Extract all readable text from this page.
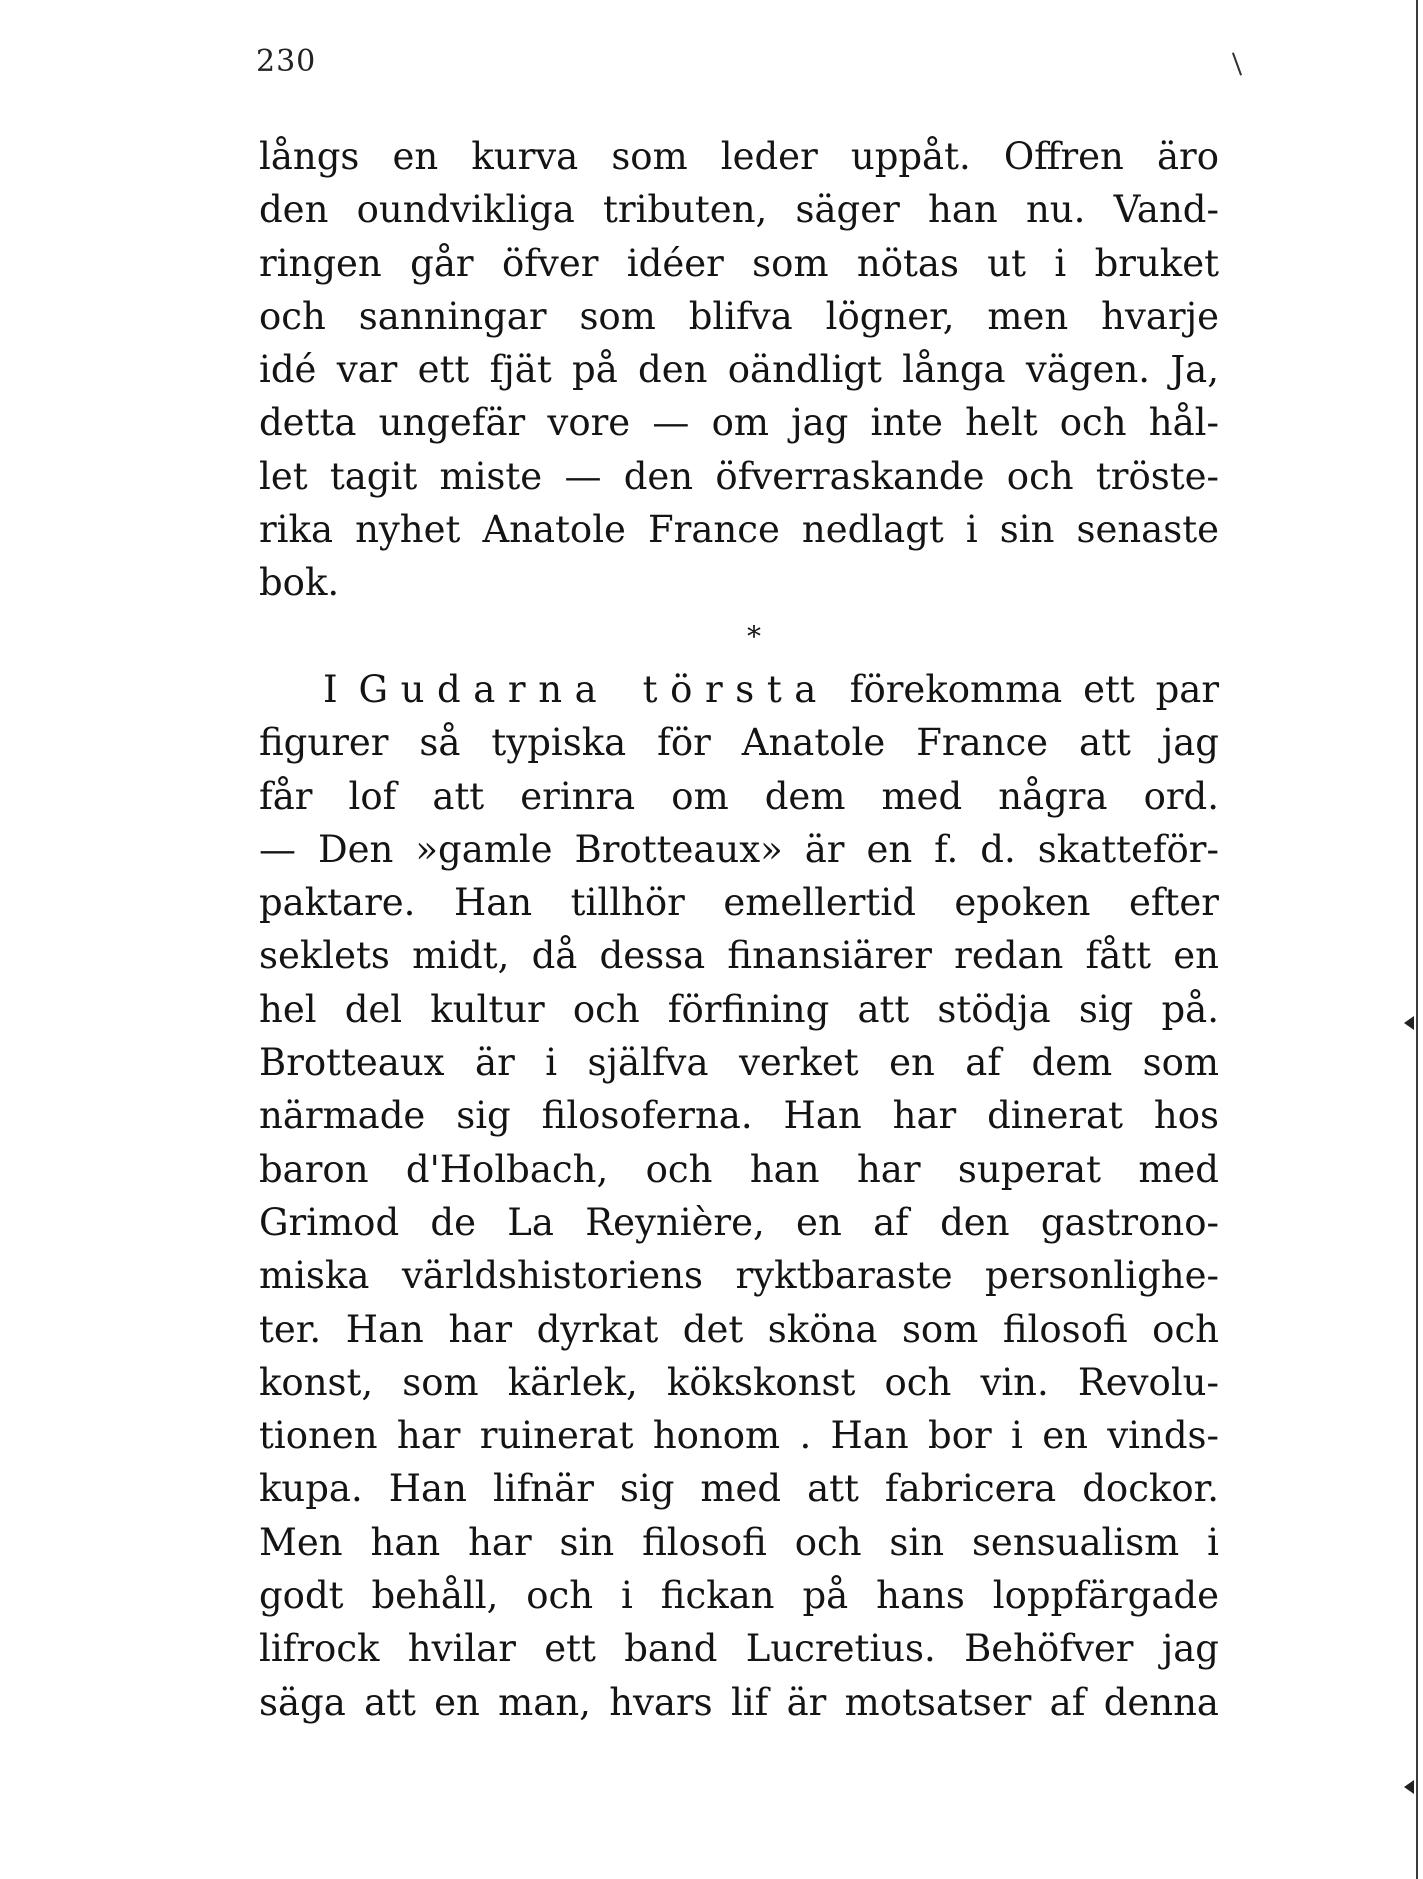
230
långs en kurva som leder uppåt. Offren äro
den oundvikliga tributen, säger han nu. Vand-
ringen går öfver idéer som nötas ut i bruket
och sanningar som blifva lögner, men hvarje
idé var ett fjät på den oändligt långa vägen. Ja,
detta ungefär vore — om jag inte helt och hål-
let tagit miste — den öfverraskande och tröste-
rika nyhet Anatole France nedlagt i sin senaste
bok.
*
I Gudarna törsta förekomma ett par
figurer så typiska för Anatole France att jag
får lof att erinra om dem med några ord.
— Den »gamle Brotteaux» är en f. d. skatteför-
paktare. Han tillhör emellertid epoken efter
seklets midt, då dessa finansiärer redan fått en
hel del kultur och förfining att stödja sig på.
Brotteaux är i själfva verket en af dem som
närmade sig filosoferna. Han har dinerat hos
baron d'Holbach, och han har superat med
Grimod de La Reynière, en af den gastrono-
miska världshistoriens ryktbaraste personlighe-
ter. Han har dyrkat det sköna som filosofi och
konst, som kärlek, kökskonst och vin. Revolu-
tionen har ruinerat honom . Han bor i en vinds-
kupa. Han lifnär sig med att fabricera dockor.
Men han har sin filosofi och sin sensualism i
godt behåll, och i fickan på hans loppfärgade
lifrock hvilar ett band Lucretius. Behöfver jag
säga att en man, hvars lif är motsatser af denna
